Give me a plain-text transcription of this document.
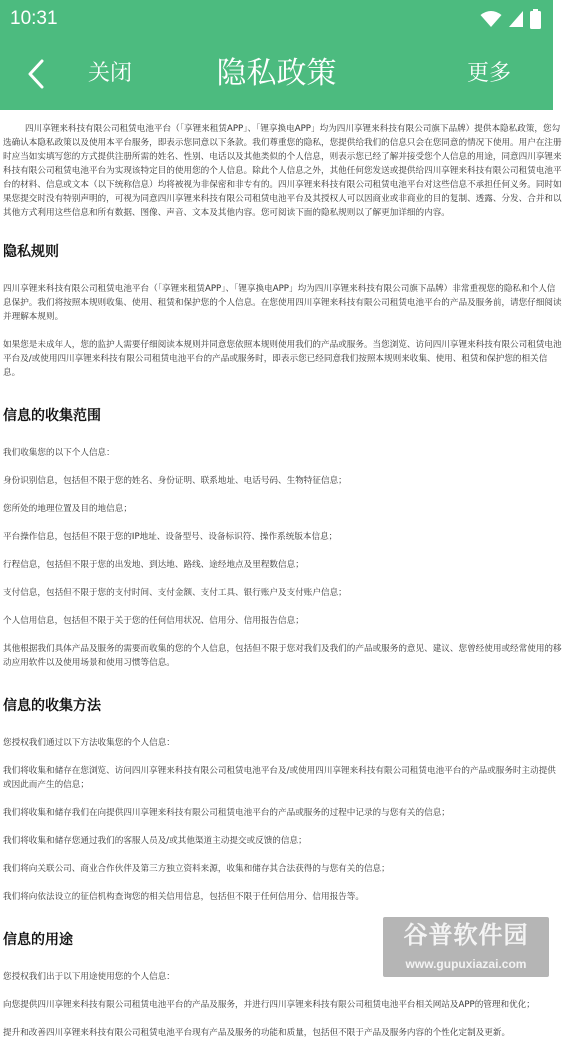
10:31
关闭	隐私政策	更多

四川享锂来科技有限公司租赁电池平台（「享锂来租赁APP」、「锂享换电APP」均为四川享锂来科技有限公司旗下品牌）提供本隐私政策，您勾选确认本隐私政策以及使用本平台服务，即表示您同意以下条款。我们尊重您的隐私，您提供给我们的信息只会在您同意的情况下使用。用户在注册时应当如实填写您的方式提供注册所需的姓名、性别、电话以及其他类似的个人信息，则表示您已经了解并接受您个人信息的用途，同意四川享锂来科技有限公司租赁电池平台为实现该特定目的使用您的个人信息。除此个人信息之外，其他任何您发送或提供给四川享锂来科技有限公司租赁电池平台的材料、信息或文本（以下统称信息）均将被视为非保密和非专有的。四川享锂来科技有限公司租赁电池平台对这些信息不承担任何义务。同时如果您提交时没有特别声明的，可视为同意四川享锂来科技有限公司租赁电池平台及其授权人可以因商业或非商业的目的复制、透露、分发、合并和以其他方式利用这些信息和所有数据、图像、声音、文本及其他内容。您可阅读下面的隐私规则以了解更加详细的内容。

隐私规则

四川享锂来科技有限公司租赁电池平台（「享锂来租赁APP」、「锂享换电APP」均为四川享锂来科技有限公司旗下品牌）非常重视您的隐私和个人信息保护。我们将按照本规则收集、使用、租赁和保护您的个人信息。在您使用四川享锂来科技有限公司租赁电池平台的产品及服务前，请您仔细阅读并理解本规则。

如果您是未成年人，您的监护人需要仔细阅读本规则并同意您依照本规则使用我们的产品或服务。当您浏览、访问四川享锂来科技有限公司租赁电池平台及/或使用四川享锂来科技有限公司租赁电池平台的产品或服务时，即表示您已经同意我们按照本规则来收集、使用、租赁和保护您的相关信息。

信息的收集范围

我们收集您的以下个人信息：

身份识别信息，包括但不限于您的姓名、身份证明、联系地址、电话号码、生物特征信息；

您所处的地理位置及目的地信息；

平台操作信息，包括但不限于您的IP地址、设备型号、设备标识符、操作系统版本信息；

行程信息，包括但不限于您的出发地、到达地、路线、途经地点及里程数信息；

支付信息，包括但不限于您的支付时间、支付金额、支付工具、银行账户及支付账户信息；

个人信用信息，包括但不限于关于您的任何信用状况、信用分、信用报告信息；

其他根据我们具体产品及服务的需要而收集的您的个人信息，包括但不限于您对我们及我们的产品或服务的意见、建议、您曾经使用或经常使用的移动应用软件以及使用场景和使用习惯等信息。

信息的收集方法

您授权我们通过以下方法收集您的个人信息：

我们将收集和储存在您浏览、访问四川享锂来科技有限公司租赁电池平台及/或使用四川享锂来科技有限公司租赁电池平台的产品或服务时主动提供或因此而产生的信息；

我们将收集和储存我们在向提供四川享锂来科技有限公司租赁电池平台的产品或服务的过程中记录的与您有关的信息；

我们将收集和储存您通过我们的客服人员及/或其他渠道主动提交或反馈的信息；

我们将向关联公司、商业合作伙伴及第三方独立资料来源，收集和储存其合法获得的与您有关的信息；

我们将向依法设立的征信机构查询您的相关信用信息，包括但不限于任何信用分、信用报告等。

信息的用途

您授权我们出于以下用途使用您的个人信息：

向您提供四川享锂来科技有限公司租赁电池平台的产品及服务，并进行四川享锂来科技有限公司租赁电池平台相关网站及APP的管理和优化；

提升和改善四川享锂来科技有限公司租赁电池平台现有产品及服务的功能和质量，包括但不限于产品及服务内容的个性化定制及更新。

谷普软件园
www.gupuxiazai.com
